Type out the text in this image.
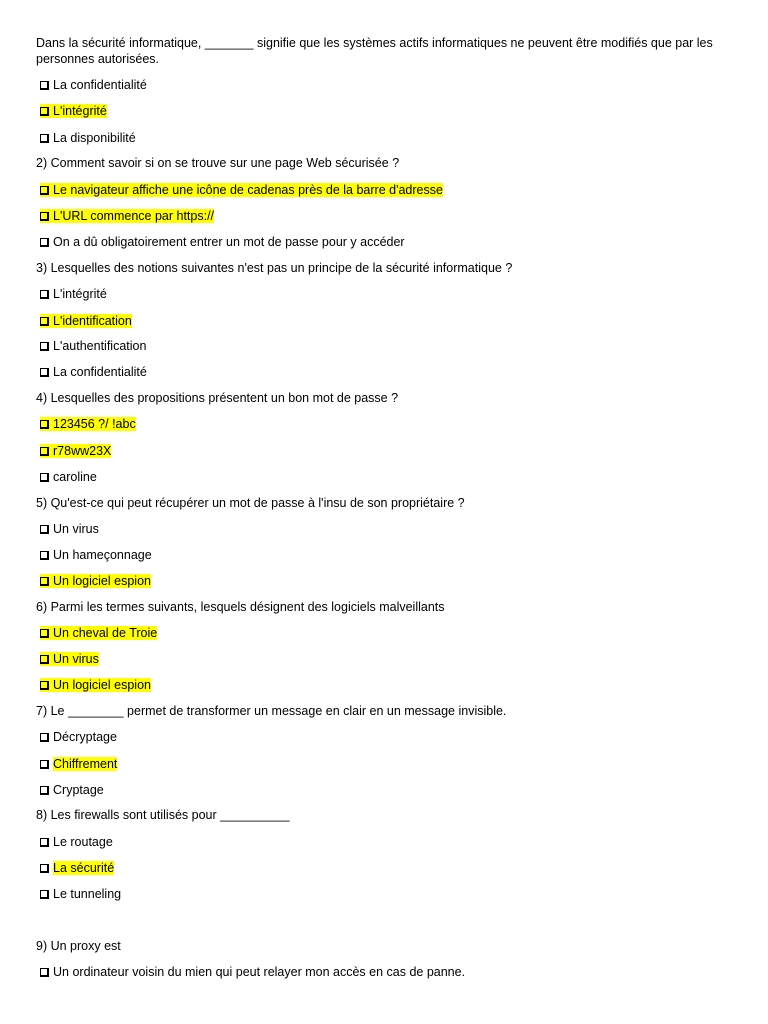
Dans la sécurité informatique, _______ signifie que les systèmes actifs informatiques ne peuvent être modifiés que par les personnes autorisées.
La confidentialité
L'intégrité
La disponibilité
2) Comment savoir si on se trouve sur une page Web sécurisée ?
Le navigateur affiche une icône de cadenas près de la barre d'adresse
L'URL commence par https://
On a dû obligatoirement entrer un mot de passe pour y accéder
3) Lesquelles des notions suivantes n'est pas un principe de la sécurité informatique ?
L'intégrité
L'identification
L'authentification
La confidentialité
4) Lesquelles des propositions présentent un bon mot de passe ?
123456 ?/ !abc
r78ww23X
caroline
5) Qu'est-ce qui peut récupérer un mot de passe à l'insu de son propriétaire ?
Un virus
Un hameçonnage
Un logiciel espion
6) Parmi les termes suivants, lesquels désignent des logiciels malveillants
Un cheval de Troie
Un virus
Un logiciel espion
7) Le ________ permet de transformer un message en clair en un message invisible.
Décryptage
Chiffrement
Cryptage
8) Les firewalls sont utilisés pour __________
Le routage
La sécurité
Le tunneling
9) Un proxy est
Un ordinateur voisin du mien qui peut relayer mon accès en cas de panne.
